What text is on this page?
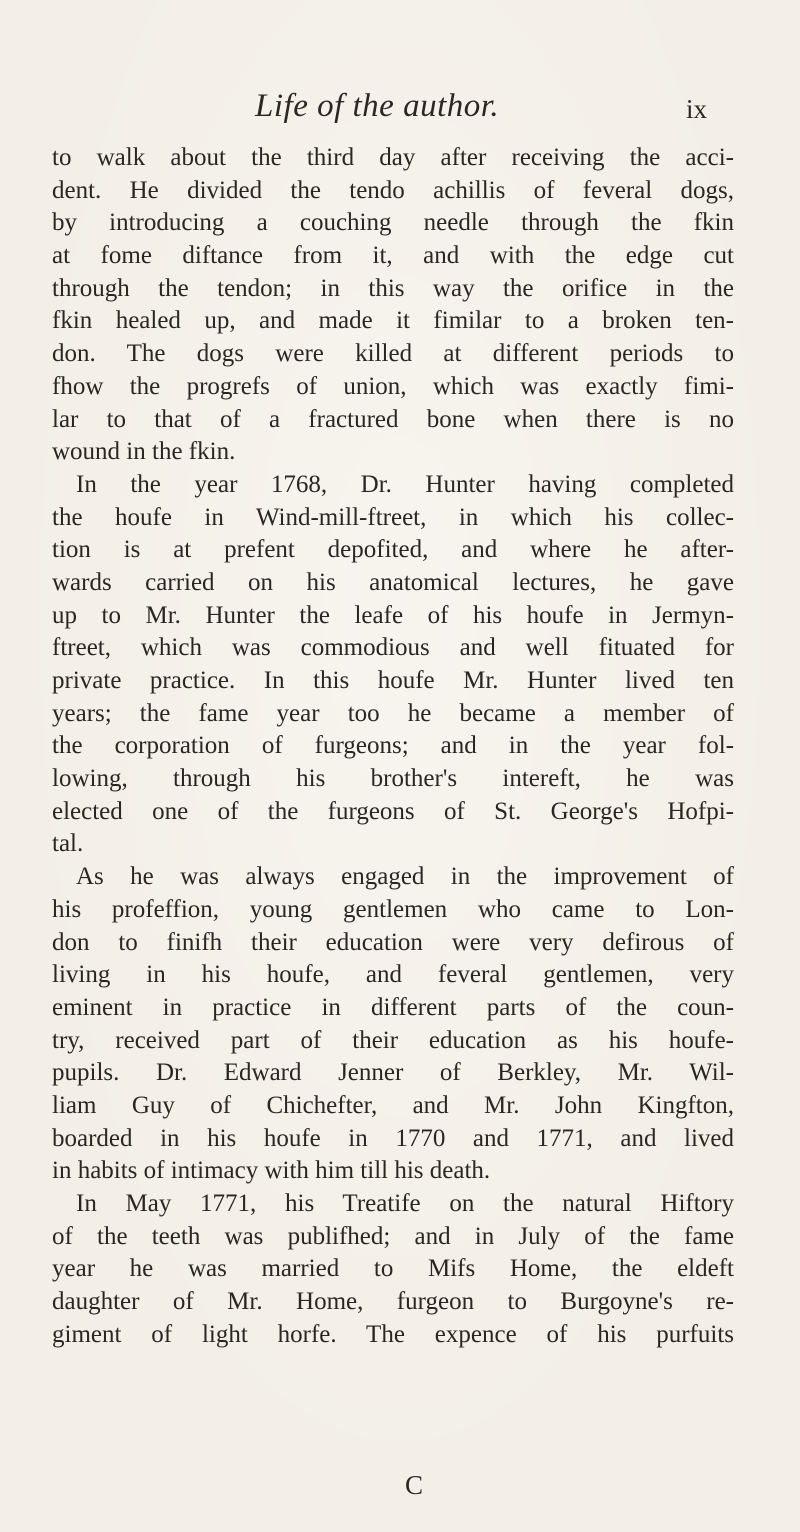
Life of the author.	ix
to walk about the third day after receiving the acci-
dent. He divided the tendo achillis of feveral dogs,
by introducing a couching needle through the fkin
at fome diftance from it, and with the edge cut
through the tendon; in this way the orifice in the
fkin healed up, and made it fimilar to a broken ten-
don. The dogs were killed at different periods to
fhow the progrefs of union, which was exactly fimi-
lar to that of a fractured bone when there is no
wound in the fkin.
In the year 1768, Dr. Hunter having completed
the houfe in Wind-mill-ftreet, in which his collec-
tion is at prefent depofited, and where he after-
wards carried on his anatomical lectures, he gave
up to Mr. Hunter the leafe of his houfe in Jermyn-
ftreet, which was commodious and well fituated for
private practice. In this houfe Mr. Hunter lived ten
years; the fame year too he became a member of
the corporation of furgeons; and in the year fol-
lowing, through his brother's intereft, he was
elected one of the furgeons of St. George's Hofpi-
tal.
As he was always engaged in the improvement of
his profeffion, young gentlemen who came to Lon-
don to finifh their education were very defirous of
living in his houfe, and feveral gentlemen, very
eminent in practice in different parts of the coun-
try, received part of their education as his houfe-
pupils. Dr. Edward Jenner of Berkley, Mr. Wil-
liam Guy of Chichefter, and Mr. John Kingfton,
boarded in his houfe in 1770 and 1771, and lived
in habits of intimacy with him till his death.
In May 1771, his Treatife on the natural Hiftory
of the teeth was publifhed; and in July of the fame
year he was married to Mifs Home, the eldeft
daughter of Mr. Home, furgeon to Burgoyne's re-
giment of light horfe. The expence of his purfuits
C
